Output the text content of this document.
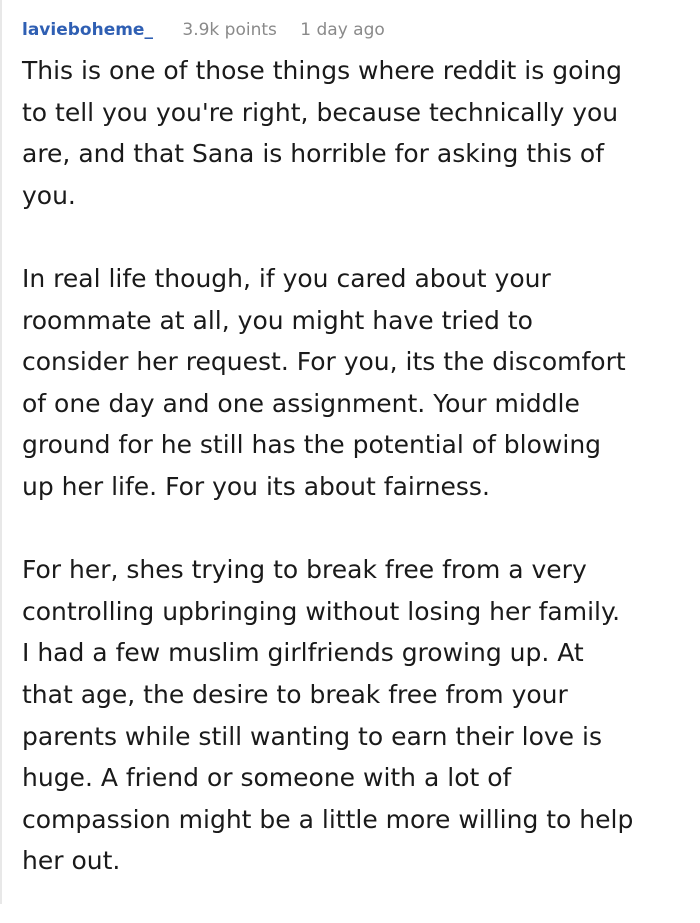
lavieboheme_ 3.9k points 1 day ago
This is one of those things where reddit is going
to tell you you're right, because technically you
are, and that Sana is horrible for asking this of
you.
In real life though, if you cared about your
roommate at all, you might have tried to
consider her request. For you, its the discomfort
of one day and one assignment. Your middle
ground for he still has the potential of blowing
up her life. For you its about fairness.
For her, shes trying to break free from a very
controlling upbringing without losing her family.
I had a few muslim girlfriends growing up. At
that age, the desire to break free from your
parents while still wanting to earn their love is
huge. A friend or someone with a lot of
compassion might be a little more willing to help
her out.
